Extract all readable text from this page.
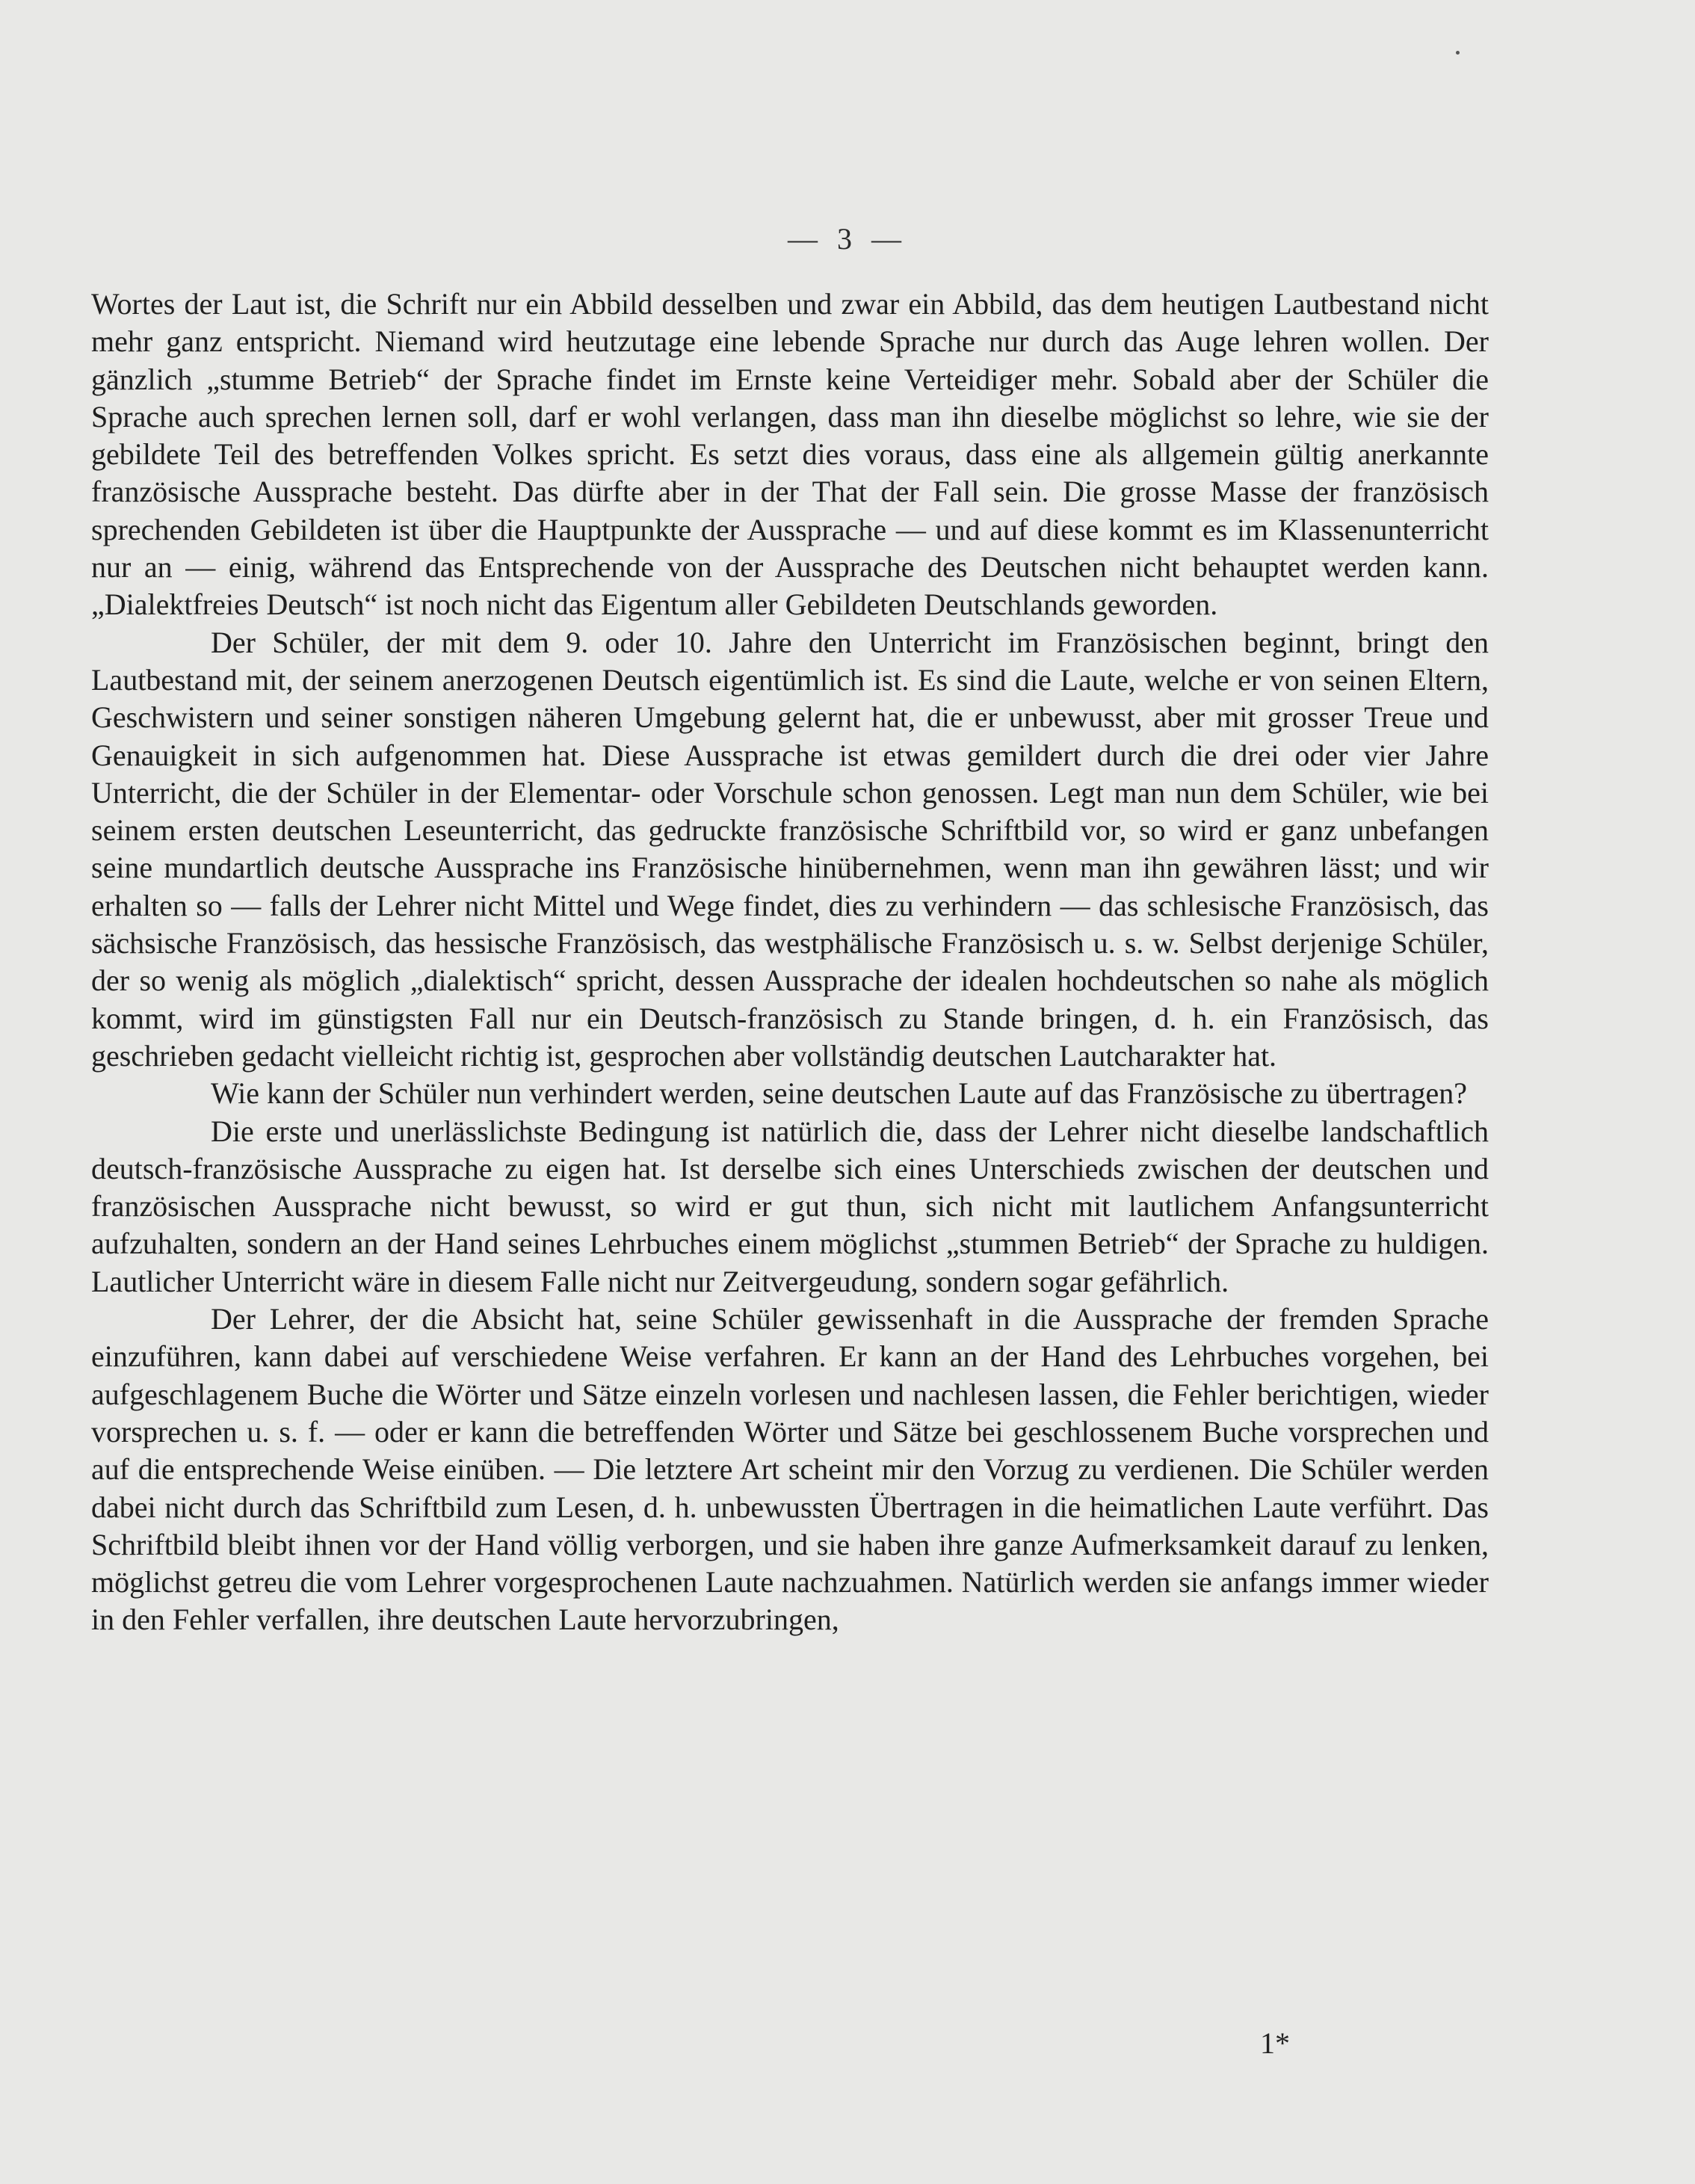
— 3 —

Wortes der Laut ist, die Schrift nur ein Abbild desselben und zwar ein Abbild, das dem heutigen Lautbestand nicht mehr ganz entspricht. Niemand wird heutzutage eine lebende Sprache nur durch das Auge lehren wollen. Der gänzlich „stumme Betrieb“ der Sprache findet im Ernste keine Verteidiger mehr. Sobald aber der Schüler die Sprache auch sprechen lernen soll, darf er wohl verlangen, dass man ihn dieselbe möglichst so lehre, wie sie der gebildete Teil des betreffenden Volkes spricht. Es setzt dies voraus, dass eine als allgemein gültig anerkannte französische Aussprache besteht. Das dürfte aber in der That der Fall sein. Die grosse Masse der französisch sprechenden Gebildeten ist über die Hauptpunkte der Aussprache — und auf diese kommt es im Klassenunterricht nur an — einig, während das Entsprechende von der Aussprache des Deutschen nicht behauptet werden kann. „Dialektfreies Deutsch“ ist noch nicht das Eigentum aller Gebildeten Deutschlands geworden.

Der Schüler, der mit dem 9. oder 10. Jahre den Unterricht im Französischen beginnt, bringt den Lautbestand mit, der seinem anerzogenen Deutsch eigentümlich ist. Es sind die Laute, welche er von seinen Eltern, Geschwistern und seiner sonstigen näheren Umgebung gelernt hat, die er unbewusst, aber mit grosser Treue und Genauigkeit in sich aufgenommen hat. Diese Aussprache ist etwas gemildert durch die drei oder vier Jahre Unterricht, die der Schüler in der Elementar- oder Vorschule schon genossen. Legt man nun dem Schüler, wie bei seinem ersten deutschen Leseunterricht, das gedruckte französische Schriftbild vor, so wird er ganz unbefangen seine mundartlich deutsche Aussprache ins Französische hinübernehmen, wenn man ihn gewähren lässt; und wir erhalten so — falls der Lehrer nicht Mittel und Wege findet, dies zu verhindern — das schlesische Französisch, das sächsische Französisch, das hessische Französisch, das westphälische Französisch u. s. w. Selbst derjenige Schüler, der so wenig als möglich „dialektisch“ spricht, dessen Aussprache der idealen hochdeutschen so nahe als möglich kommt, wird im günstigsten Fall nur ein Deutsch-französisch zu Stande bringen, d. h. ein Französisch, das geschrieben gedacht vielleicht richtig ist, gesprochen aber vollständig deutschen Lautcharakter hat.

Wie kann der Schüler nun verhindert werden, seine deutschen Laute auf das Französische zu übertragen?

Die erste und unerlässlichste Bedingung ist natürlich die, dass der Lehrer nicht dieselbe landschaftlich deutsch-französische Aussprache zu eigen hat. Ist derselbe sich eines Unterschieds zwischen der deutschen und französischen Aussprache nicht bewusst, so wird er gut thun, sich nicht mit lautlichem Anfangsunterricht aufzuhalten, sondern an der Hand seines Lehrbuches einem möglichst „stummen Betrieb“ der Sprache zu huldigen. Lautlicher Unterricht wäre in diesem Falle nicht nur Zeitvergeudung, sondern sogar gefährlich.

Der Lehrer, der die Absicht hat, seine Schüler gewissenhaft in die Aussprache der fremden Sprache einzuführen, kann dabei auf verschiedene Weise verfahren. Er kann an der Hand des Lehrbuches vorgehen, bei aufgeschlagenem Buche die Wörter und Sätze einzeln vorlesen und nachlesen lassen, die Fehler berichtigen, wieder vorsprechen u. s. f. — oder er kann die betreffenden Wörter und Sätze bei geschlossenem Buche vorsprechen und auf die entsprechende Weise einüben. — Die letztere Art scheint mir den Vorzug zu verdienen. Die Schüler werden dabei nicht durch das Schriftbild zum Lesen, d. h. unbewussten Übertragen in die heimatlichen Laute verführt. Das Schriftbild bleibt ihnen vor der Hand völlig verborgen, und sie haben ihre ganze Aufmerksamkeit darauf zu lenken, möglichst getreu die vom Lehrer vorgesprochenen Laute nachzuahmen. Natürlich werden sie anfangs immer wieder in den Fehler verfallen, ihre deutschen Laute hervorzubringen,

1*
